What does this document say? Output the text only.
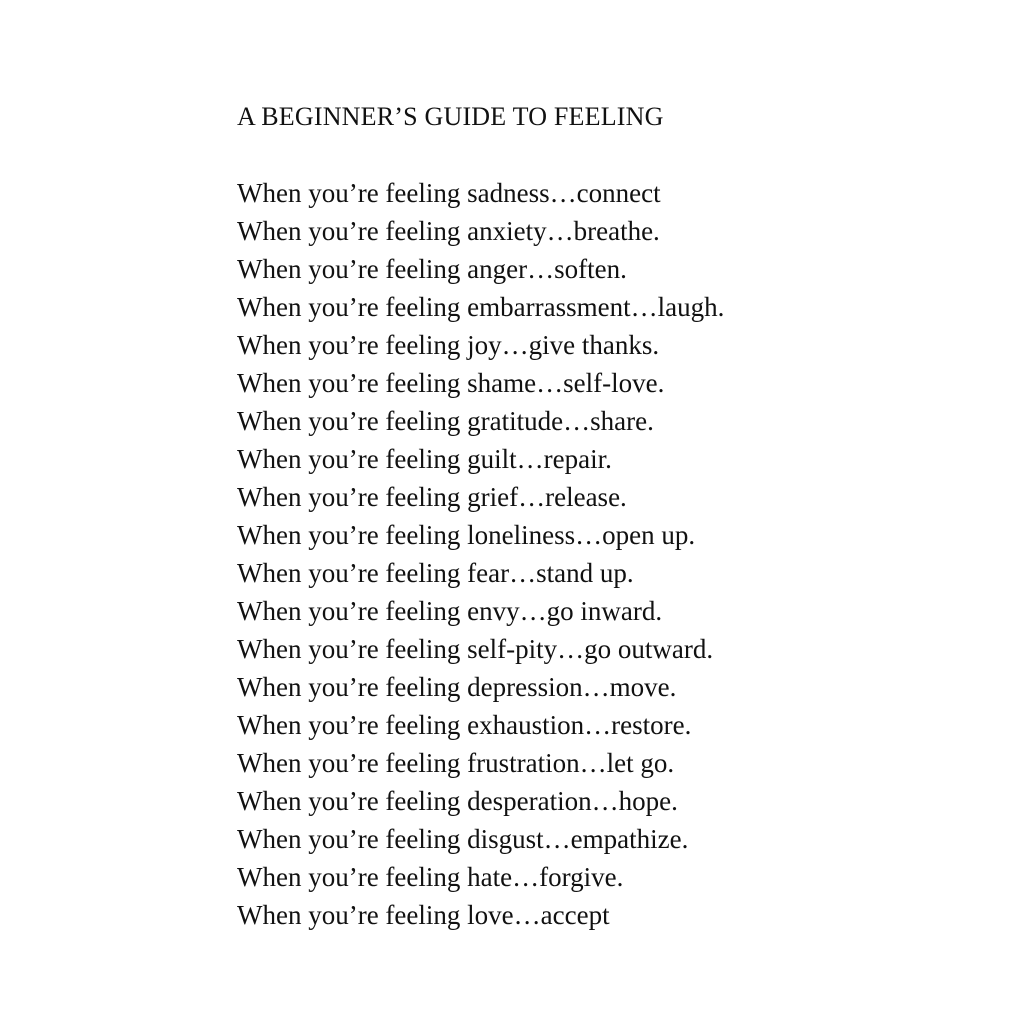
A BEGINNER’S GUIDE TO FEELING
When you’re feeling sadness…connect
When you’re feeling anxiety…breathe.
When you’re feeling anger…soften.
When you’re feeling embarrassment…laugh.
When you’re feeling joy…give thanks.
When you’re feeling shame…self-love.
When you’re feeling gratitude…share.
When you’re feeling guilt…repair.
When you’re feeling grief…release.
When you’re feeling loneliness…open up.
When you’re feeling fear…stand up.
When you’re feeling envy…go inward.
When you’re feeling self-pity…go outward.
When you’re feeling depression…move.
When you’re feeling exhaustion…restore.
When you’re feeling frustration…let go.
When you’re feeling desperation…hope.
When you’re feeling disgust…empathize.
When you’re feeling hate…forgive.
When you’re feeling love…accept
